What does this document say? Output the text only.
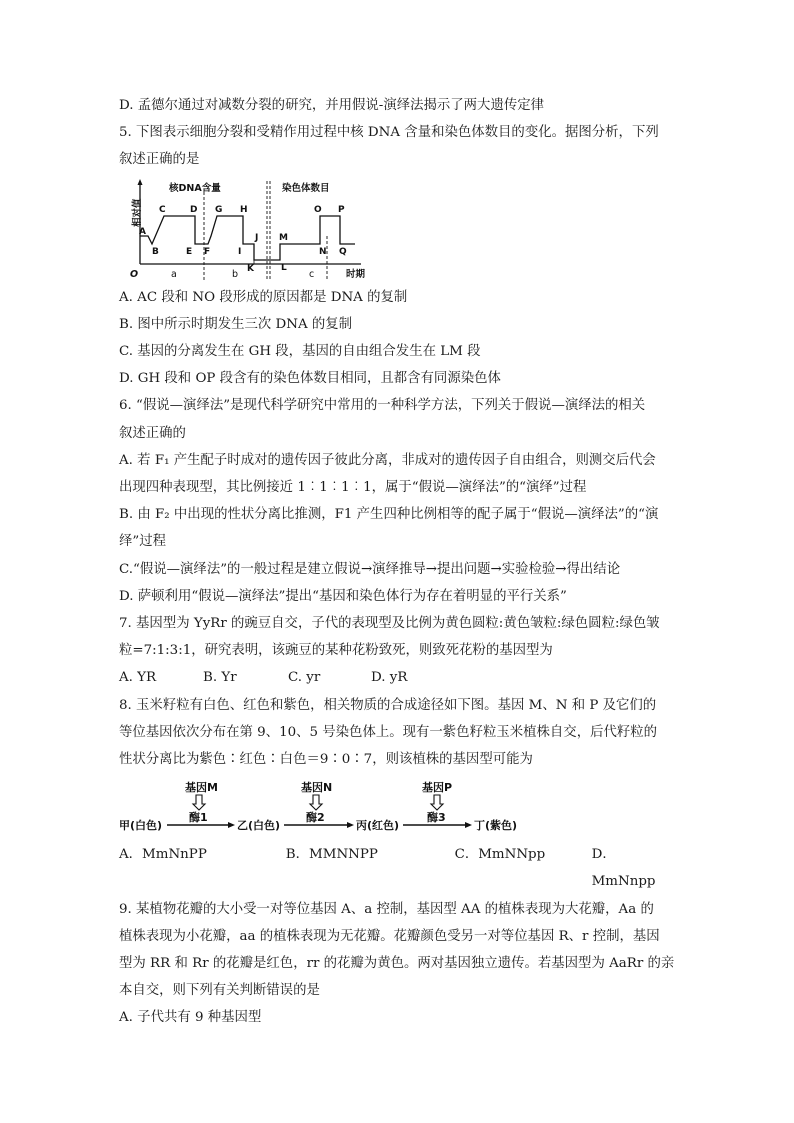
D. 孟德尔通过对减数分裂的研究，并用假说-演绎法揭示了两大遗传定律
5. 下图表示细胞分裂和受精作用过程中核 DNA 含量和染色体数目的变化。据图分析，下列
叙述正确的是
相对值
O	时期
核DNA含量	染色体数目
a	b	c
A
B
C	D
E F
G H
I
J
K	L
M
N
O P
Q
A. AC 段和 NO 段形成的原因都是 DNA 的复制
B. 图中所示时期发生三次 DNA 的复制
C. 基因的分离发生在 GH 段，基因的自由组合发生在 LM 段
D. GH 段和 OP 段含有的染色体数目相同，且都含有同源染色体
6. “假说—演绎法”是现代科学研究中常用的一种科学方法，下列关于假说—演绎法的相关
叙述正确的
A. 若 F₁ 产生配子时成对的遗传因子彼此分离，非成对的遗传因子自由组合，则测交后代会
出现四种表现型，其比例接近 1︰1︰1︰1，属于“假说—演绎法”的“演绎”过程
B. 由 F₂ 中出现的性状分离比推测，F1 产生四种比例相等的配子属于“假说—演绎法”的“演
绎”过程
C.“假说—演绎法”的一般过程是建立假说→演绎推导→提出问题→实验检验→得出结论
D. 萨顿利用“假说—演绎法”提出“基因和染色体行为存在着明显的平行关系”
7. 基因型为 YyRr 的豌豆自交，子代的表现型及比例为黄色圆粒:黄色皱粒:绿色圆粒:绿色皱
粒=7:1:3:1，研究表明，该豌豆的某种花粉致死，则致死花粉的基因型为
A. YR	B. Yr	C. yr	D. yR
8. 玉米籽粒有白色、红色和紫色，相关物质的合成途径如下图。基因 M、N 和 P 及它们的
等位基因依次分布在第 9、10、5 号染色体上。现有一紫色籽粒玉米植株自交，后代籽粒的
性状分离比为紫色∶红色∶白色＝9∶0∶7，则该植株的基因型可能为
甲(白色)	乙(白色)	丙(红色)	丁(紫色)
基因M	基因N	基因P
酶1	酶2	酶3
A．MmNnPP	B．MMNNPP	C．MmNNpp	D．MmNnpp
9. 某植物花瓣的大小受一对等位基因 A、a 控制，基因型 AA 的植株表现为大花瓣，Aa 的
植株表现为小花瓣，aa 的植株表现为无花瓣。花瓣颜色受另一对等位基因 R、r 控制，基因
型为 RR 和 Rr 的花瓣是红色，rr 的花瓣为黄色。两对基因独立遗传。若基因型为 AaRr 的亲
本自交，则下列有关判断错误的是
A. 子代共有 9 种基因型
